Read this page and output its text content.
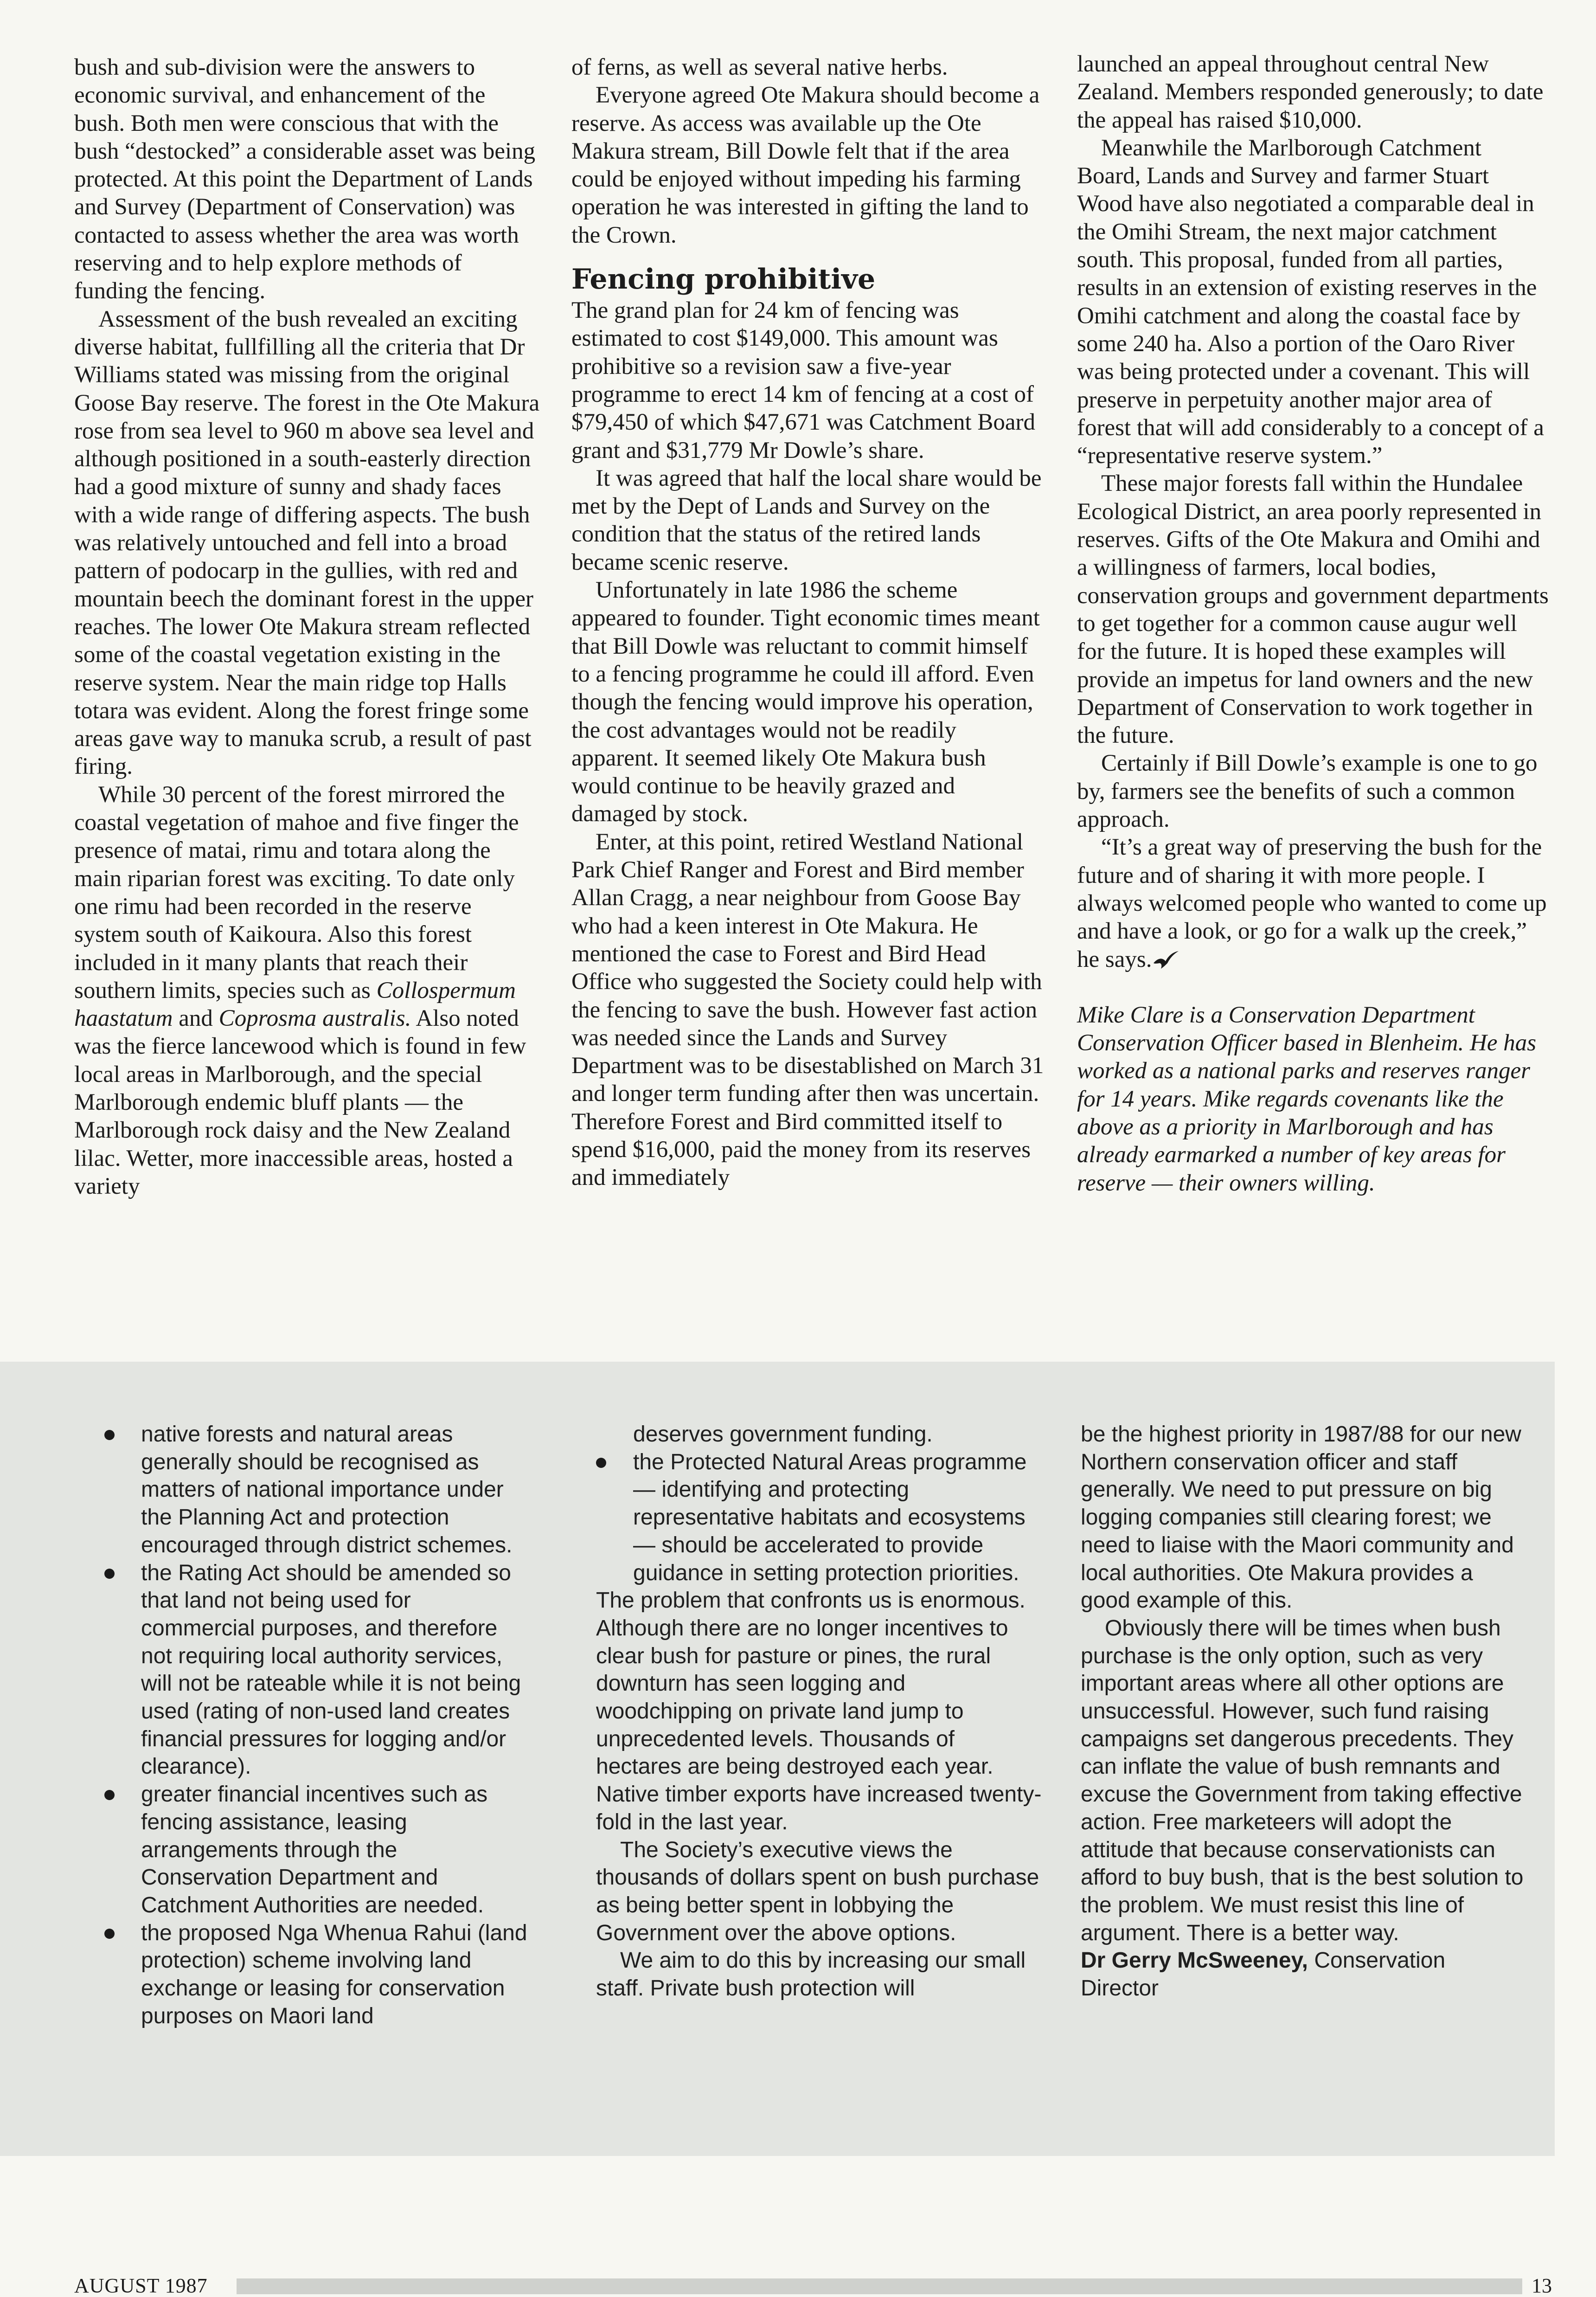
bush and sub-division were the answers to economic survival, and enhancement of the bush. Both men were conscious that with the bush “destocked” a considerable asset was being protected. At this point the Department of Lands and Survey (Department of Conservation) was contacted to assess whether the area was worth reserving and to help explore methods of funding the fencing.

Assessment of the bush revealed an exciting diverse habitat, fullfilling all the criteria that Dr Williams stated was missing from the original Goose Bay reserve. The forest in the Ote Makura rose from sea level to 960 m above sea level and although positioned in a south-easterly direction had a good mixture of sunny and shady faces with a wide range of differing aspects. The bush was relatively untouched and fell into a broad pattern of podocarp in the gullies, with red and mountain beech the dominant forest in the upper reaches. The lower Ote Makura stream reflected some of the coastal vegetation existing in the reserve system. Near the main ridge top Halls totara was evident. Along the forest fringe some areas gave way to manuka scrub, a result of past firing.

While 30 percent of the forest mirrored the coastal vegetation of mahoe and five finger the presence of matai, rimu and totara along the main riparian forest was exciting. To date only one rimu had been recorded in the reserve system south of Kaikoura. Also this forest included in it many plants that reach their southern limits, species such as Collospermum haastatum and Coprosma australis. Also noted was the fierce lancewood which is found in few local areas in Marlborough, and the special Marlborough endemic bluff plants — the Marlborough rock daisy and the New Zealand lilac. Wetter, more inaccessible areas, hosted a variety

of ferns, as well as several native herbs.

Everyone agreed Ote Makura should become a reserve. As access was available up the Ote Makura stream, Bill Dowle felt that if the area could be enjoyed without impeding his farming operation he was interested in gifting the land to the Crown.

Fencing prohibitive

The grand plan for 24 km of fencing was estimated to cost $149,000. This amount was prohibitive so a revision saw a five-year programme to erect 14 km of fencing at a cost of $79,450 of which $47,671 was Catchment Board grant and $31,779 Mr Dowle’s share.

It was agreed that half the local share would be met by the Dept of Lands and Survey on the condition that the status of the retired lands became scenic reserve.

Unfortunately in late 1986 the scheme appeared to founder. Tight economic times meant that Bill Dowle was reluctant to commit himself to a fencing programme he could ill afford. Even though the fencing would improve his operation, the cost advantages would not be readily apparent. It seemed likely Ote Makura bush would continue to be heavily grazed and damaged by stock.

Enter, at this point, retired Westland National Park Chief Ranger and Forest and Bird member Allan Cragg, a near neighbour from Goose Bay who had a keen interest in Ote Makura. He mentioned the case to Forest and Bird Head Office who suggested the Society could help with the fencing to save the bush. However fast action was needed since the Lands and Survey Department was to be disestablished on March 31 and longer term funding after then was uncertain. Therefore Forest and Bird committed itself to spend $16,000, paid the money from its reserves and immediately

launched an appeal throughout central New Zealand. Members responded generously; to date the appeal has raised $10,000.

Meanwhile the Marlborough Catchment Board, Lands and Survey and farmer Stuart Wood have also negotiated a comparable deal in the Omihi Stream, the next major catchment south. This proposal, funded from all parties, results in an extension of existing reserves in the Omihi catchment and along the coastal face by some 240 ha. Also a portion of the Oaro River was being protected under a covenant. This will preserve in perpetuity another major area of forest that will add considerably to a concept of a “representative reserve system.”

These major forests fall within the Hundalee Ecological District, an area poorly represented in reserves. Gifts of the Ote Makura and Omihi and a willingness of farmers, local bodies, conservation groups and government departments to get together for a common cause augur well for the future. It is hoped these examples will provide an impetus for land owners and the new Department of Conservation to work together in the future.

Certainly if Bill Dowle’s example is one to go by, farmers see the benefits of such a common approach.

“It’s a great way of preserving the bush for the future and of sharing it with more people. I always welcomed people who wanted to come up and have a look, or go for a walk up the creek,” he says.

Mike Clare is a Conservation Department Conservation Officer based in Blenheim. He has worked as a national parks and reserves ranger for 14 years. Mike regards covenants like the above as a priority in Marlborough and has already earmarked a number of key areas for reserve — their owners willing.

native forests and natural areas generally should be recognised as matters of national importance under the Planning Act and protection encouraged through district schemes.

the Rating Act should be amended so that land not being used for commercial purposes, and therefore not requiring local authority services, will not be rateable while it is not being used (rating of non-used land creates financial pressures for logging and/or clearance).

greater financial incentives such as fencing assistance, leasing arrangements through the Conservation Department and Catchment Authorities are needed.

the proposed Nga Whenua Rahui (land protection) scheme involving land exchange or leasing for conservation purposes on Maori land

deserves government funding.

the Protected Natural Areas programme — identifying and protecting representative habitats and ecosystems — should be accelerated to provide guidance in setting protection priorities.

The problem that confronts us is enormous. Although there are no longer incentives to clear bush for pasture or pines, the rural downturn has seen logging and woodchipping on private land jump to unprecedented levels. Thousands of hectares are being destroyed each year. Native timber exports have increased twenty-fold in the last year.

The Society’s executive views the thousands of dollars spent on bush purchase as being better spent in lobbying the Government over the above options.

We aim to do this by increasing our small staff. Private bush protection will

be the highest priority in 1987/88 for our new Northern conservation officer and staff generally. We need to put pressure on big logging companies still clearing forest; we need to liaise with the Maori community and local authorities. Ote Makura provides a good example of this.

Obviously there will be times when bush purchase is the only option, such as very important areas where all other options are unsuccessful. However, such fund raising campaigns set dangerous precedents. They can inflate the value of bush remnants and excuse the Government from taking effective action. Free marketeers will adopt the attitude that because conservationists can afford to buy bush, that is the best solution to the problem. We must resist this line of argument. There is a better way.

Dr Gerry McSweeney, Conservation Director

AUGUST 1987	13
